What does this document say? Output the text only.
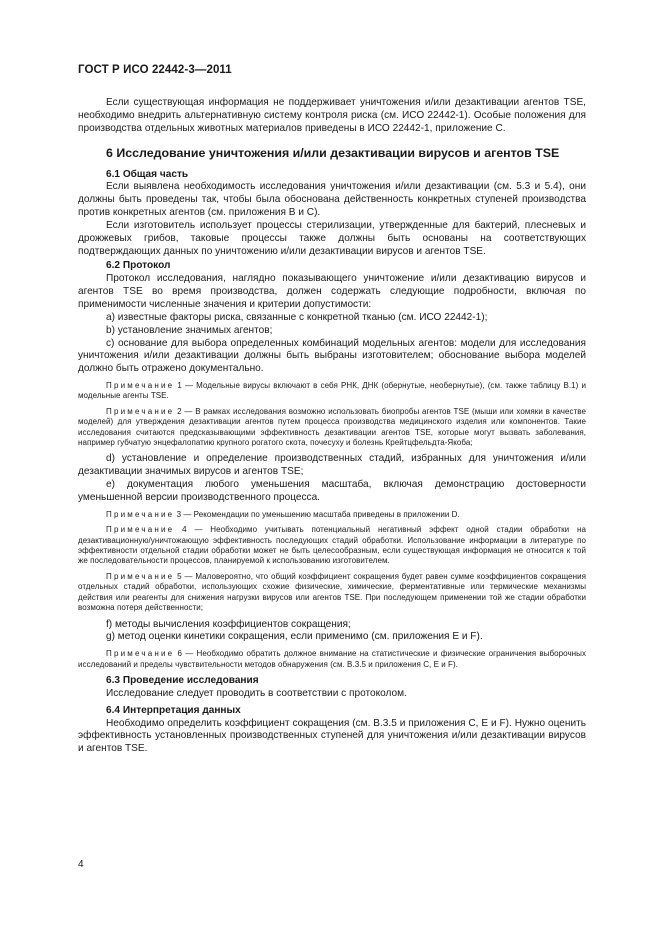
ГОСТ Р ИСО 22442-3—2011

Если существующая информация не поддерживает уничтожения и/или дезактивации агентов TSE, необходимо внедрить альтернативную систему контроля риска (см. ИСО 22442-1). Особые положения для производства отдельных животных материалов приведены в ИСО 22442-1, приложение С.

6 Исследование уничтожения и/или дезактивации вирусов и агентов TSE

6.1 Общая часть

Если выявлена необходимость исследования уничтожения и/или дезактивации (см. 5.3 и 5.4), они должны быть проведены так, чтобы была обоснована действенность конкретных ступеней производства против конкретных агентов (см. приложения В и С).

Если изготовитель использует процессы стерилизации, утвержденные для бактерий, плесневых и дрожжевых грибов, таковые процессы также должны быть основаны на соответствующих подтверждающих данных по уничтожению и/или дезактивации вирусов и агентов TSE.

6.2 Протокол

Протокол исследования, наглядно показывающего уничтожение и/или дезактивацию вирусов и агентов TSE во время производства, должен содержать следующие подробности, включая по применимости численные значения и критерии допустимости:

a) известные факторы риска, связанные с конкретной тканью (см. ИСО 22442-1);

b) установление значимых агентов;

c) основание для выбора определенных комбинаций модельных агентов: модели для исследования уничтожения и/или дезактивации должны быть выбраны изготовителем; обоснование выбора моделей должно быть отражено документально.

Примечание 1 — Модельные вирусы включают в себя РНК, ДНК (обернутые, необернутые), (см. также таблицу В.1) и модельные агенты TSE.

Примечание 2 — В рамках исследования возможно использовать биопробы агентов TSE (мыши или хомяки в качестве моделей) для утверждения дезактивации агентов путем процесса производства медицинского изделия или компонентов. Такие исследования считаются предсказывающими эффективность дезактивации агентов TSE, которые могут вызвать заболевания, например губчатую энцефалопатию крупного рогатого скота, почесуху и болезнь Крейтцфельдта-Якоба;

d) установление и определение производственных стадий, избранных для уничтожения и/или дезактивации значимых вирусов и агентов TSE;

e) документация любого уменьшения масштаба, включая демонстрацию достоверности уменьшенной версии производственного процесса.

Примечание 3 — Рекомендации по уменьшению масштаба приведены в приложении D.

Примечание 4 — Необходимо учитывать потенциальный негативный эффект одной стадии обработки на дезактивационную/уничтожающую эффективность последующих стадий обработки. Использование информации в литературе по эффективности отдельной стадии обработки может не быть целесообразным, если существующая информация не относится к той же последовательности процессов, планируемой к использованию изготовителем.

Примечание 5 — Маловероятно, что общий коэффициент сокращения будет равен сумме коэффициентов сокращения отдельных стадий обработки, использующих схожие физические, химические, ферментативные или термические механизмы действия или реагенты для снижения нагрузки вирусов или агентов TSE. При последующем применении той же стадии обработки возможна потеря действенности;

f) методы вычисления коэффициентов сокращения;

g) метод оценки кинетики сокращения, если применимо (см. приложения Е и F).

Примечание 6 — Необходимо обратить должное внимание на статистические и физические ограничения выборочных исследований и пределы чувствительности методов обнаружения (см. В.3.5 и приложения С, Е и F).

6.3 Проведение исследования

Исследование следует проводить в соответствии с протоколом.

6.4 Интерпретация данных

Необходимо определить коэффициент сокращения (см. В.3.5 и приложения С, Е и F). Нужно оценить эффективность установленных производственных ступеней для уничтожения и/или дезактивации вирусов и агентов TSE.

4
